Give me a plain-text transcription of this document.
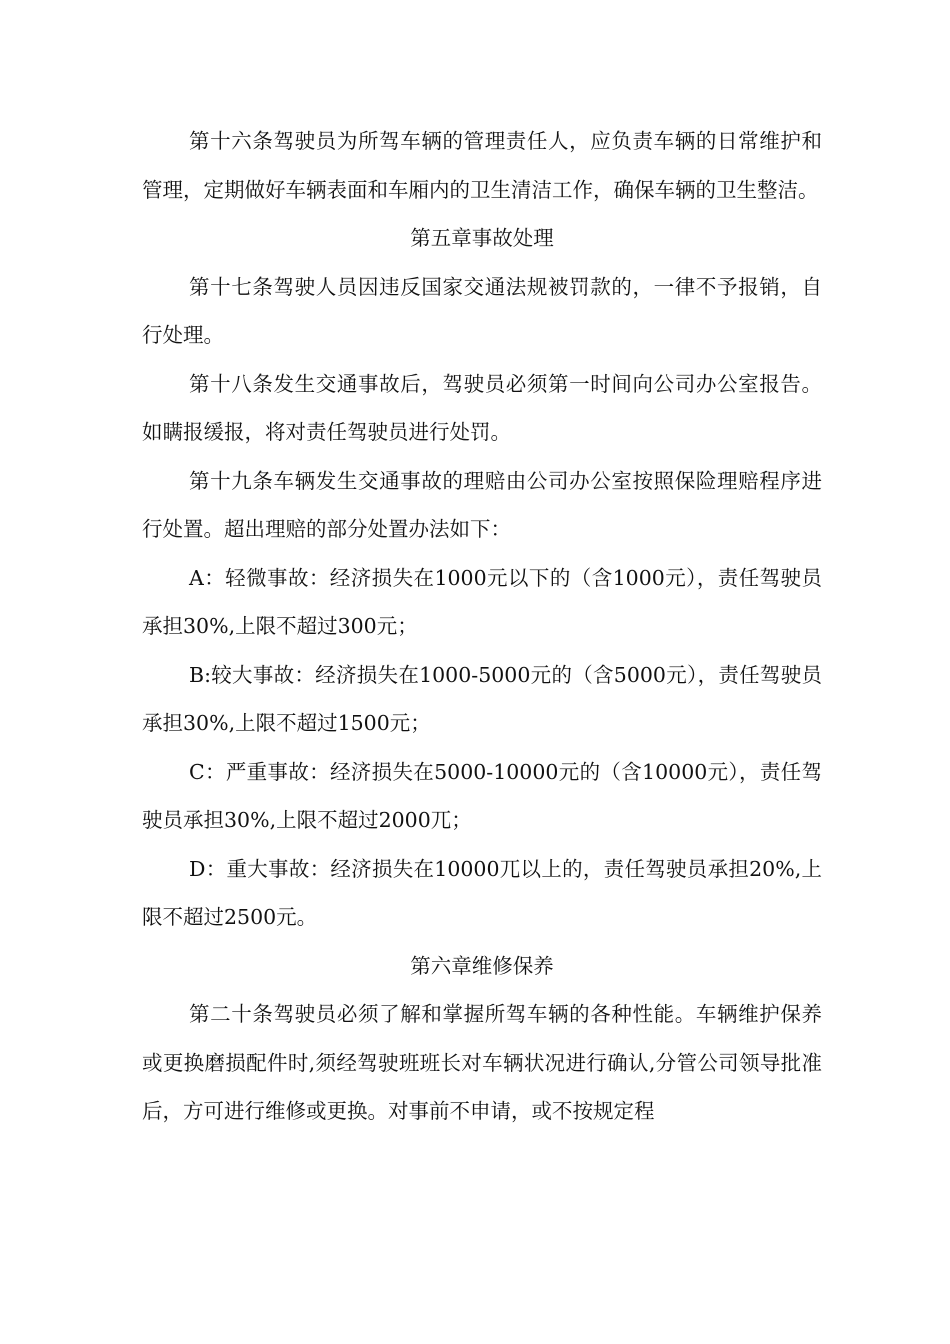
第十六条驾驶员为所驾车辆的管理责任人，应负责车辆的日常维护和管理，定期做好车辆表面和车厢内的卫生清洁工作，确保车辆的卫生整洁。

第五章事故处理

第十七条驾驶人员因违反国家交通法规被罚款的，一律不予报销，自行处理。

第十八条发生交通事故后，驾驶员必须第一时间向公司办公室报告。如瞒报缓报，将对责任驾驶员进行处罚。

第十九条车辆发生交通事故的理赔由公司办公室按照保险理赔程序进行处置。超出理赔的部分处置办法如下：

A：轻微事故：经济损失在1000元以下的（含1000元），责任驾驶员承担30%,上限不超过300元；

B:较大事故：经济损失在1000-5000元的（含5000元），责任驾驶员承担30%,上限不超过1500元；

C：严重事故：经济损失在5000-10000元的（含10000元），责任驾驶员承担30%,上限不超过2000兀；

D：重大事故：经济损失在10000兀以上的，责任驾驶员承担20%,上限不超过2500元。

第六章维修保养

第二十条驾驶员必须了解和掌握所驾车辆的各种性能。车辆维护保养或更换磨损配件时,须经驾驶班班长对车辆状况进行确认,分管公司领导批准后，方可进行维修或更换。对事前不申请，或不按规定程
